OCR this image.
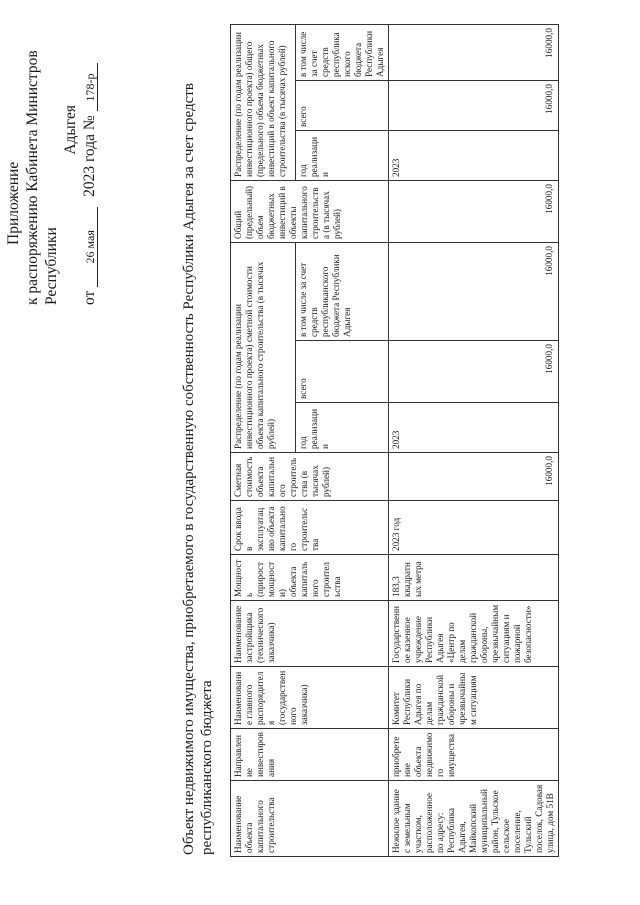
Приложение к распоряжению Кабинета Министров Республики
Адыгея
от 26 мая 2023 года № 178-р	Объект недвижимого имущества, приобретаемого в государственную собственность Республики Адыгея за счет средств республиканского бюджета Наименование объекта капитального строительства	Направление инвестирования	Наименование главного распорядителя (государственного заказчика)	Наименование застройщика (технического заказчика)	Мощность (прирост мощности) объекта капитального строительства	Срок ввода в эксплуатацию объекта капитального строительства	Сметная стоимость объекта капитального строительства (в тысячах рублей)	Распределение (по годам реализации инвестиционного проекта) сметной стоимости объекта капитального строительства (в тысячах рублей)			Общий (предельный) объем бюджетных инвестиций в объекты капитального строительства (в тысячах рублей)	Распределение (по годам реализации инвестиционного проекта) общего (предельного) объема бюджетных инвестиций в объект капитального строительства (в тысячах рублей)		
							год реализации	всего	в том числе за счет средств республиканского бюджета Республики Адыгея		год реализации	всего	в том числе за счет средств республиканского бюджета Республики Адыгея
Нежилое здание с земельным участком, расположенное по адресу: Республика Адыгея, Майкопский муниципальный район, Тульское сельское поселение, Тульский поселок, Садовая улица, дом 51В	приобретение объекта недвижимого имущества	Комитет Республики Адыгея по делам гражданской обороны и чрезвычайным ситуациям	Государственное казенное учреждение Республики Адыгея «Центр по делам гражданской обороны, чрезвычайным ситуациям и пожарной безопасности»	183,3 квадратных метра	2023 год	16000,0	2023	16000,0	16000,0	16000,0	2023	16000,0	16000,0
